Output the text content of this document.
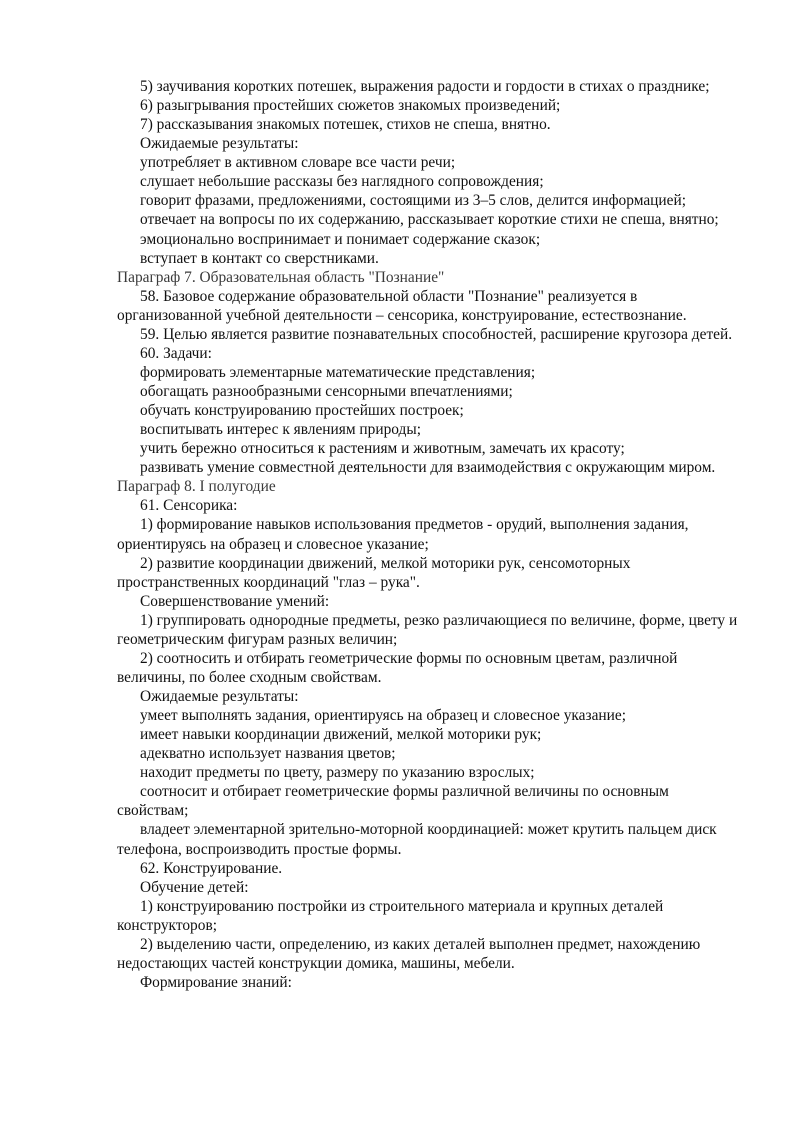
5) заучивания коротких потешек, выражения радости и гордости в стихах о празднике;

6) разыгрывания простейших сюжетов знакомых произведений;

7) рассказывания знакомых потешек, стихов не спеша, внятно.

Ожидаемые результаты:

употребляет в активном словаре все части речи;

слушает небольшие рассказы без наглядного сопровождения;

говорит фразами, предложениями, состоящими из 3–5 слов, делится информацией;

отвечает на вопросы по их содержанию, рассказывает короткие стихи не спеша, внятно;

эмоционально воспринимает и понимает содержание сказок;

вступает в контакт со сверстниками.

Параграф 7. Образовательная область "Познание"

58. Базовое содержание образовательной области "Познание" реализуется в организованной учебной деятельности – сенсорика, конструирование, естествознание.

59. Целью является развитие познавательных способностей, расширение кругозора детей.

60. Задачи:

формировать элементарные математические представления;

обогащать разнообразными сенсорными впечатлениями;

обучать конструированию простейших построек;

воспитывать интерес к явлениям природы;

учить бережно относиться к растениям и животным, замечать их красоту;

развивать умение совместной деятельности для взаимодействия с окружающим миром.

Параграф 8. I полугодие

61. Сенсорика:

1) формирование навыков использования предметов - орудий, выполнения задания, ориентируясь на образец и словесное указание;

2) развитие координации движений, мелкой моторики рук, сенсомоторных пространственных координаций "глаз – рука".

Совершенствование умений:

1) группировать однородные предметы, резко различающиеся по величине, форме, цвету и геометрическим фигурам разных величин;

2) соотносить и отбирать геометрические формы по основным цветам, различной величины, по более сходным свойствам.

Ожидаемые результаты:

умеет выполнять задания, ориентируясь на образец и словесное указание;

имеет навыки координации движений, мелкой моторики рук;

адекватно использует названия цветов;

находит предметы по цвету, размеру по указанию взрослых;

соотносит и отбирает геометрические формы различной величины по основным свойствам;

владеет элементарной зрительно-моторной координацией: может крутить пальцем диск телефона, воспроизводить простые формы.

62. Конструирование.

Обучение детей:

1) конструированию постройки из строительного материала и крупных деталей конструкторов;

2) выделению части, определению, из каких деталей выполнен предмет, нахождению недостающих частей конструкции домика, машины, мебели.

Формирование знаний:
